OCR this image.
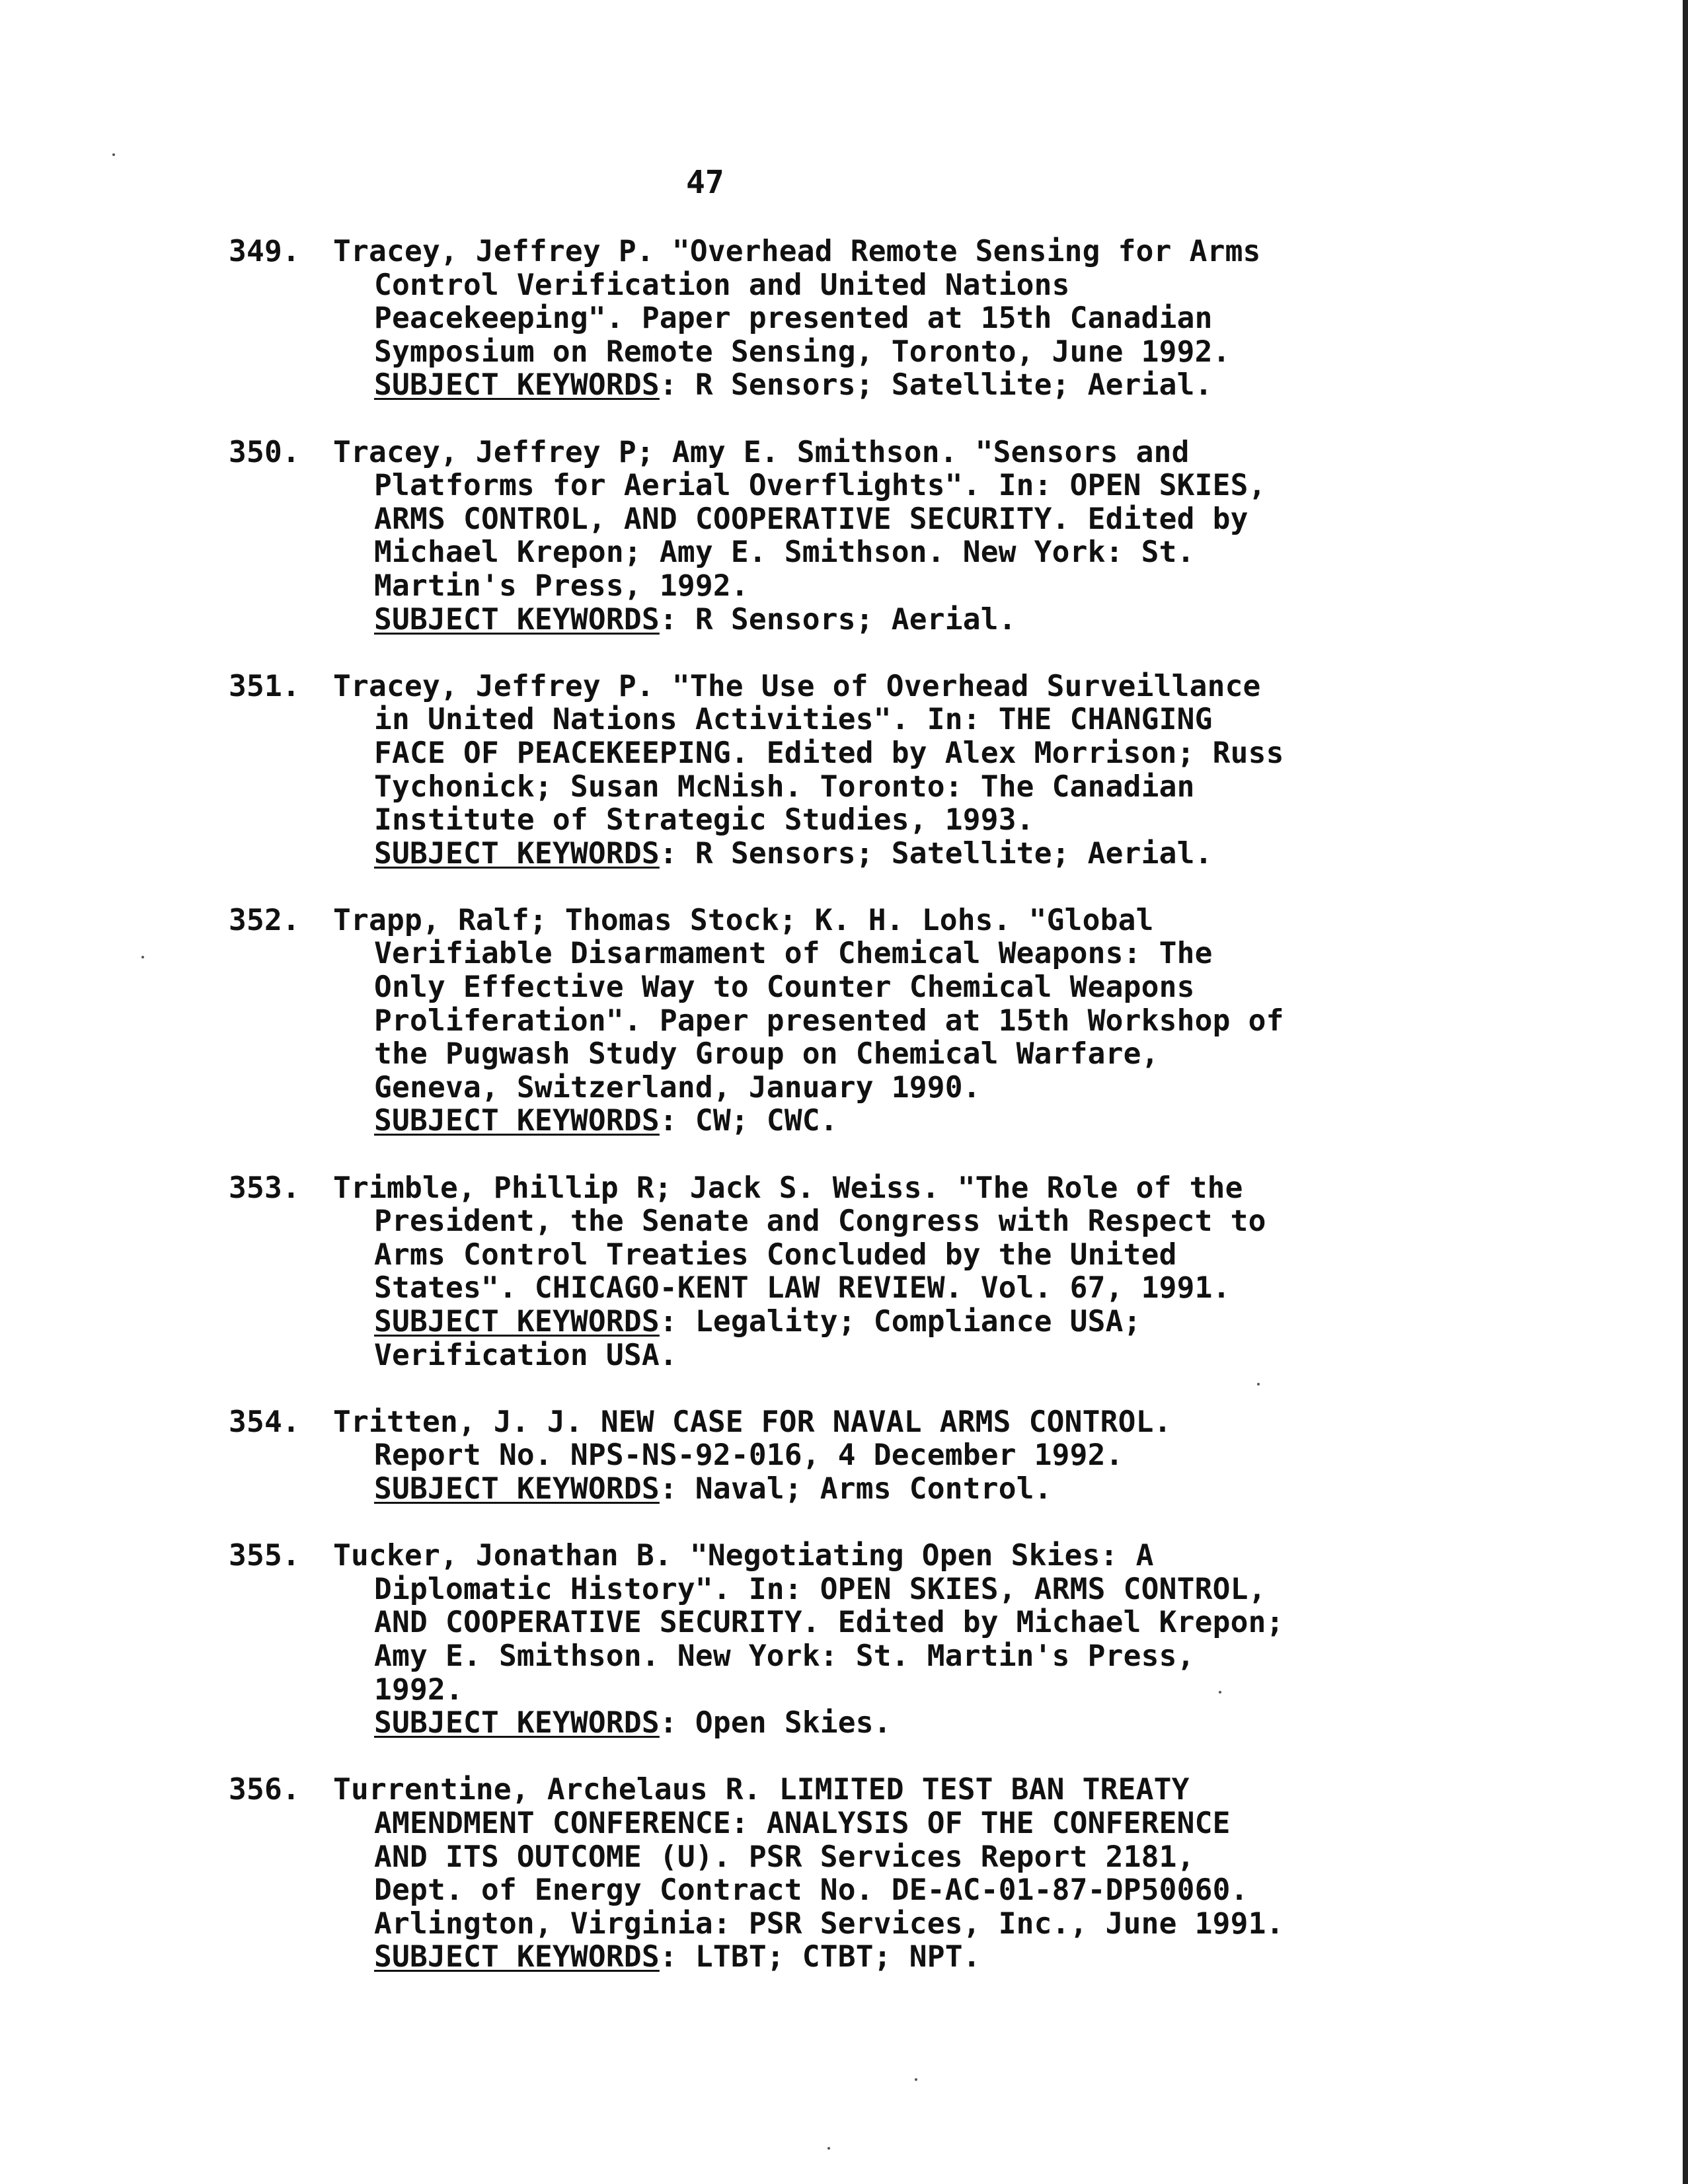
47
349.	Tracey, Jeffrey P. "Overhead Remote Sensing for Arms
Control Verification and United Nations
Peacekeeping". Paper presented at 15th Canadian
Symposium on Remote Sensing, Toronto, June 1992.
SUBJECT KEYWORDS: R Sensors; Satellite; Aerial.
350.	Tracey, Jeffrey P; Amy E. Smithson. "Sensors and
Platforms for Aerial Overflights". In: OPEN SKIES,
ARMS CONTROL, AND COOPERATIVE SECURITY. Edited by
Michael Krepon; Amy E. Smithson. New York: St.
Martin's Press, 1992.
SUBJECT KEYWORDS: R Sensors; Aerial.
351.	Tracey, Jeffrey P. "The Use of Overhead Surveillance
in United Nations Activities". In: THE CHANGING
FACE OF PEACEKEEPING. Edited by Alex Morrison; Russ
Tychonick; Susan McNish. Toronto: The Canadian
Institute of Strategic Studies, 1993.
SUBJECT KEYWORDS: R Sensors; Satellite; Aerial.
352.	Trapp, Ralf; Thomas Stock; K. H. Lohs. "Global
Verifiable Disarmament of Chemical Weapons: The
Only Effective Way to Counter Chemical Weapons
Proliferation". Paper presented at 15th Workshop of
the Pugwash Study Group on Chemical Warfare,
Geneva, Switzerland, January 1990.
SUBJECT KEYWORDS: CW; CWC.
353.	Trimble, Phillip R; Jack S. Weiss. "The Role of the
President, the Senate and Congress with Respect to
Arms Control Treaties Concluded by the United
States". CHICAGO-KENT LAW REVIEW. Vol. 67, 1991.
SUBJECT KEYWORDS: Legality; Compliance USA;
Verification USA.
354.	Tritten, J. J. NEW CASE FOR NAVAL ARMS CONTROL.
Report No. NPS-NS-92-016, 4 December 1992.
SUBJECT KEYWORDS: Naval; Arms Control.
355.	Tucker, Jonathan B. "Negotiating Open Skies: A
Diplomatic History". In: OPEN SKIES, ARMS CONTROL,
AND COOPERATIVE SECURITY. Edited by Michael Krepon;
Amy E. Smithson. New York: St. Martin's Press,
1992.
SUBJECT KEYWORDS: Open Skies.
356.	Turrentine, Archelaus R. LIMITED TEST BAN TREATY
AMENDMENT CONFERENCE: ANALYSIS OF THE CONFERENCE
AND ITS OUTCOME (U). PSR Services Report 2181,
Dept. of Energy Contract No. DE-AC-01-87-DP50060.
Arlington, Virginia: PSR Services, Inc., June 1991.
SUBJECT KEYWORDS: LTBT; CTBT; NPT.
